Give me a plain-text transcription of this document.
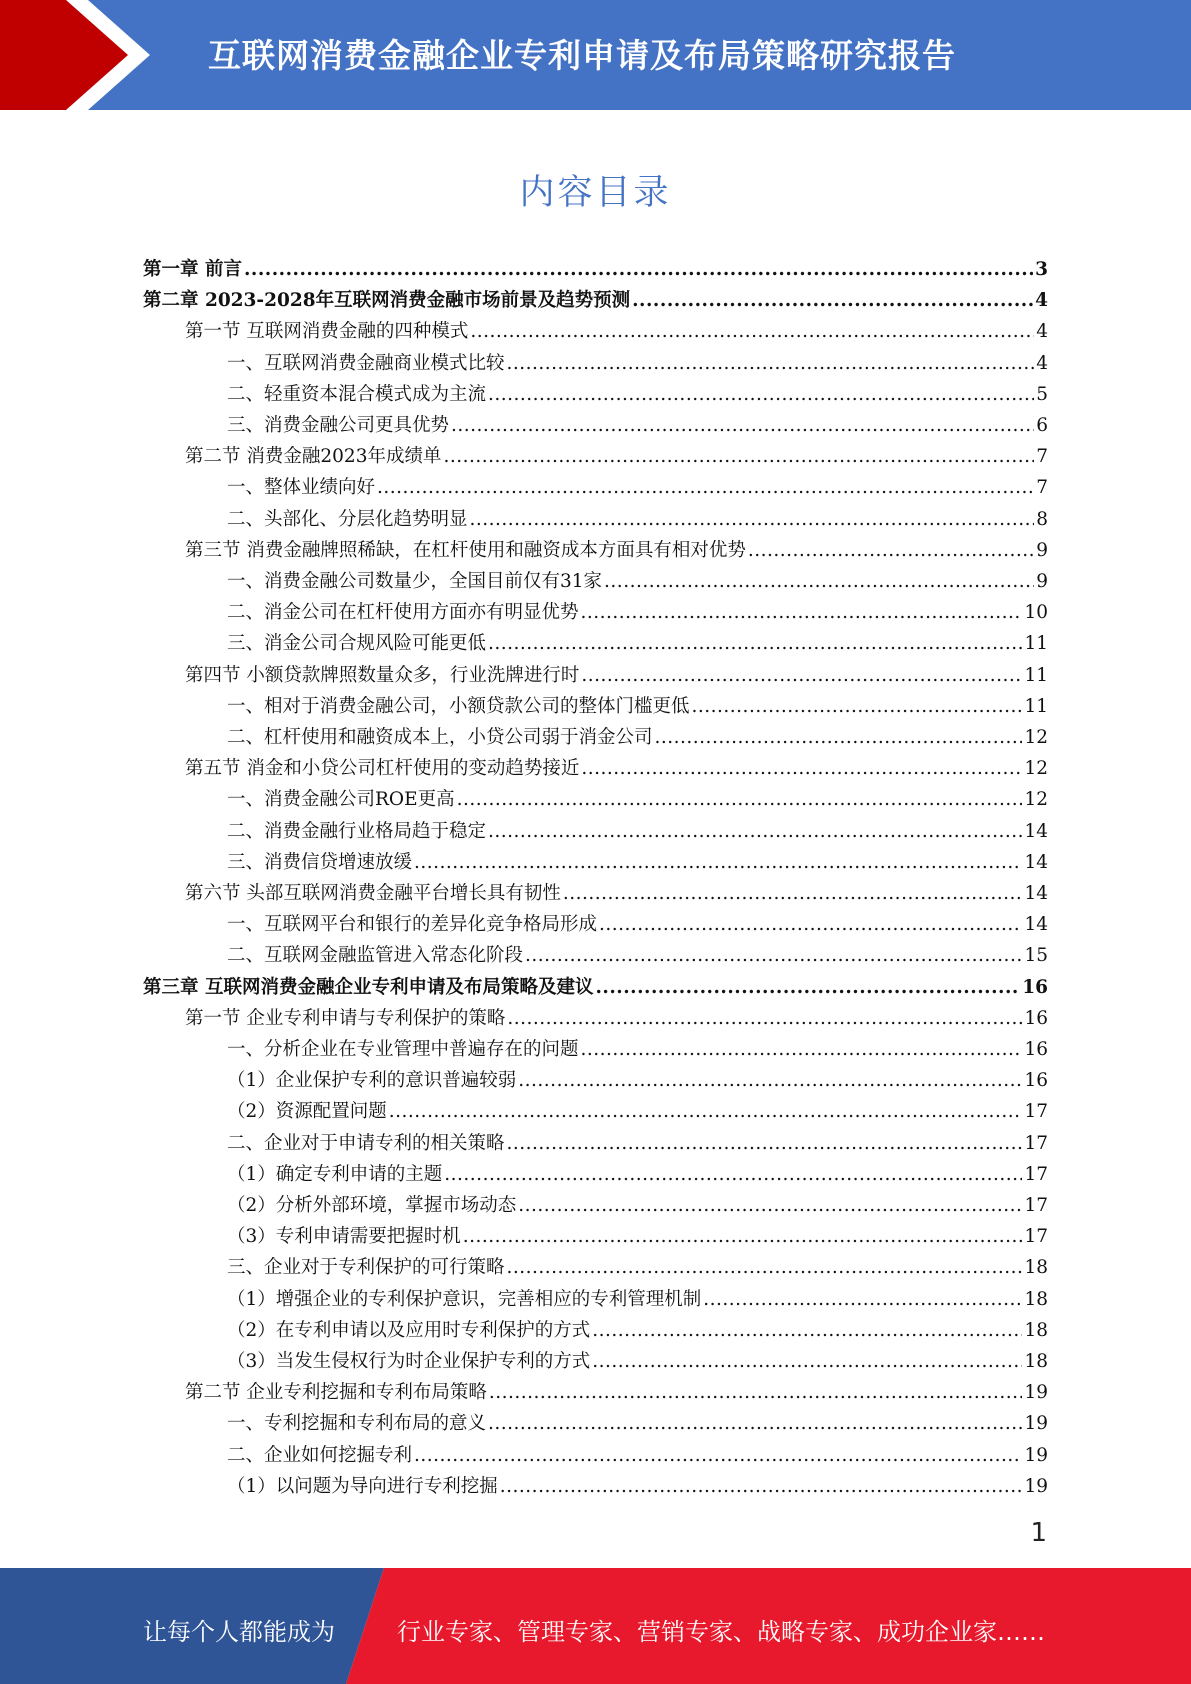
互联网消费金融企业专利申请及布局策略研究报告
内容目录
第一章 前言 .....	3
第二章 2023-2028年互联网消费金融市场前景及趋势预测 .....	4
第一节 互联网消费金融的四种模式 .....	4
一、互联网消费金融商业模式比较 .....	4
二、轻重资本混合模式成为主流 .....	5
三、消费金融公司更具优势 .....	6
第二节 消费金融2023年成绩单 .....	7
一、整体业绩向好 .....	7
二、头部化、分层化趋势明显 .....	8
第三节 消费金融牌照稀缺，在杠杆使用和融资成本方面具有相对优势 .....	9
一、消费金融公司数量少，全国目前仅有31家 .....	9
二、消金公司在杠杆使用方面亦有明显优势 .....	10
三、消金公司合规风险可能更低 .....	11
第四节 小额贷款牌照数量众多，行业洗牌进行时 .....	11
一、相对于消费金融公司，小额贷款公司的整体门槛更低 .....	11
二、杠杆使用和融资成本上，小贷公司弱于消金公司 .....	12
第五节 消金和小贷公司杠杆使用的变动趋势接近 .....	12
一、消费金融公司ROE更高 .....	12
二、消费金融行业格局趋于稳定 .....	14
三、消费信贷增速放缓 .....	14
第六节 头部互联网消费金融平台增长具有韧性 .....	14
一、互联网平台和银行的差异化竞争格局形成 .....	14
二、互联网金融监管进入常态化阶段 .....	15
第三章 互联网消费金融企业专利申请及布局策略及建议 .....	16
第一节 企业专利申请与专利保护的策略 .....	16
一、分析企业在专业管理中普遍存在的问题 .....	16
（1）企业保护专利的意识普遍较弱 .....	16
（2）资源配置问题 .....	17
二、企业对于申请专利的相关策略 .....	17
（1）确定专利申请的主题 .....	17
（2）分析外部环境，掌握市场动态 .....	17
（3）专利申请需要把握时机 .....	17
三、企业对于专利保护的可行策略 .....	18
（1）增强企业的专利保护意识，完善相应的专利管理机制 .....	18
（2）在专利申请以及应用时专利保护的方式 .....	18
（3）当发生侵权行为时企业保护专利的方式 .....	18
第二节 企业专利挖掘和专利布局策略 .....	19
一、专利挖掘和专利布局的意义 .....	19
二、企业如何挖掘专利 .....	19
（1）以问题为导向进行专利挖掘 .....	19
1
让每个人都能成为	行业专家、管理专家、营销专家、战略专家、成功企业家……
